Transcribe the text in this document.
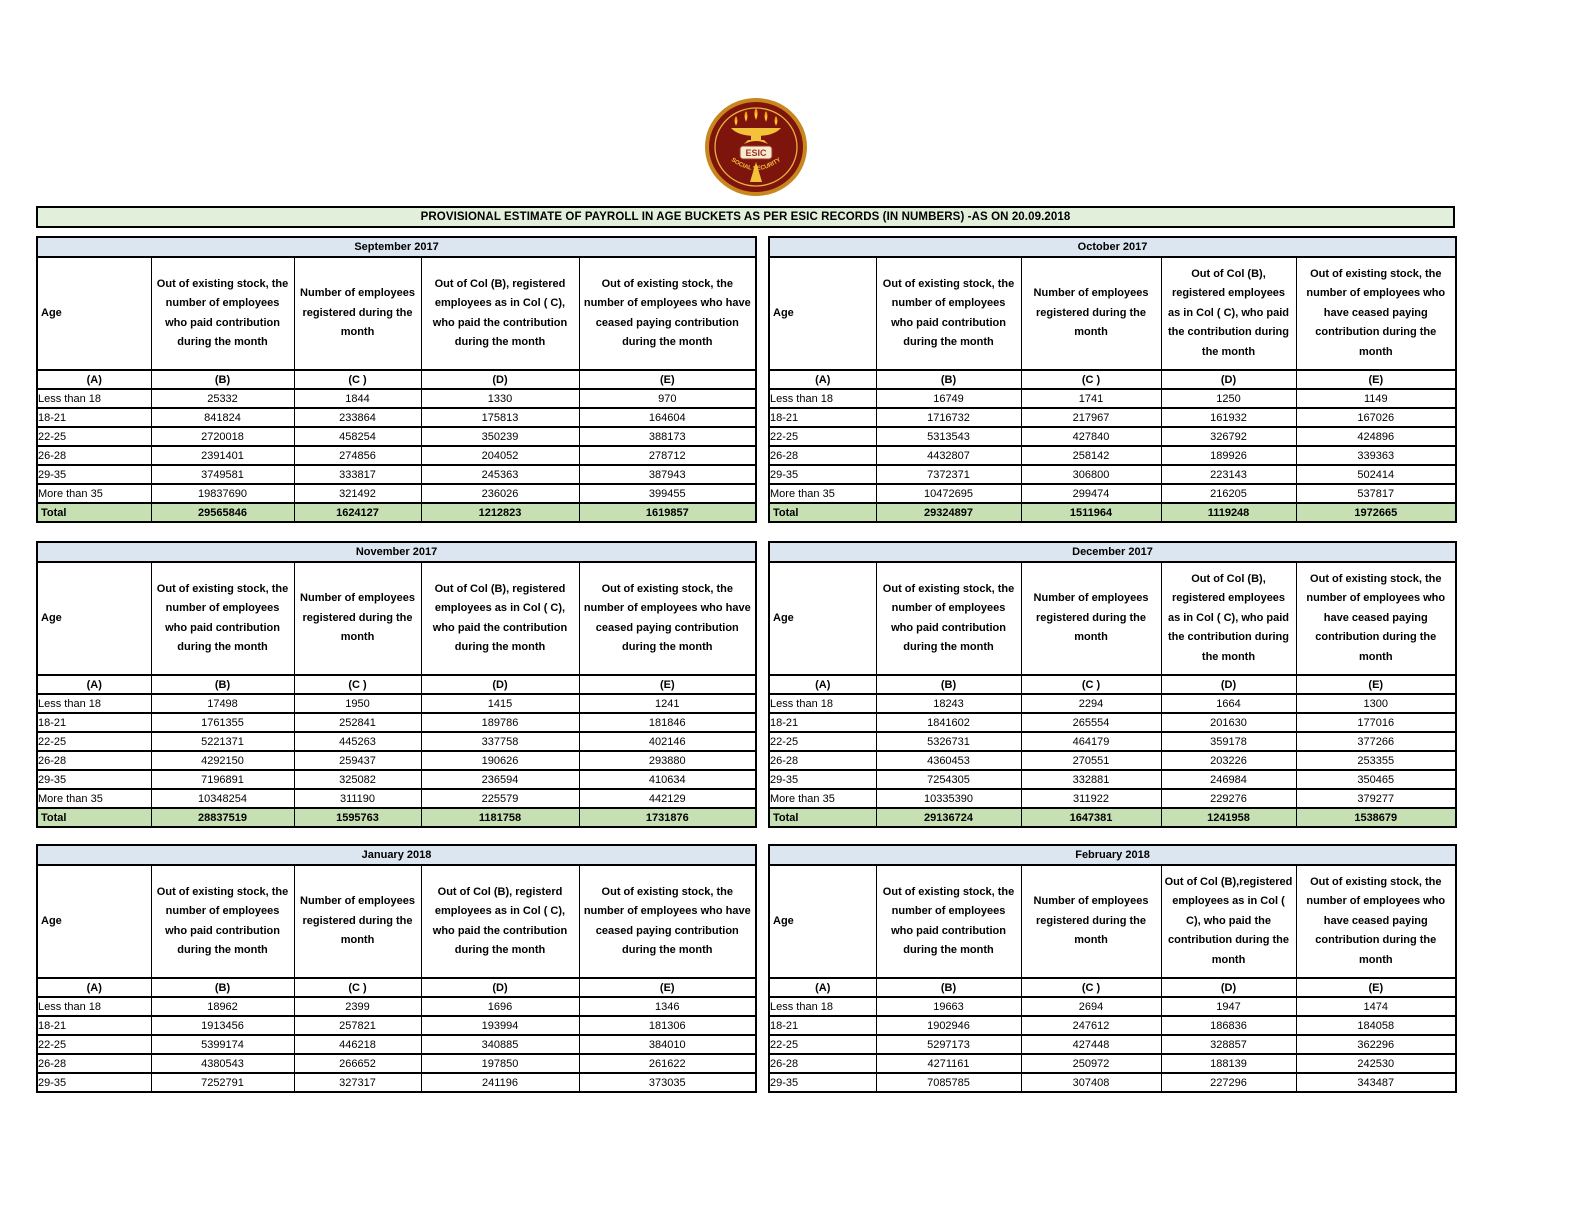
ESIC
SOCIAL SECURITY
PROVISIONAL ESTIMATE OF PAYROLL IN AGE BUCKETS AS PER ESIC RECORDS (IN NUMBERS) -AS ON 20.09.2018
September 2017				

Age	Out of existing stock, the number of employees who paid contribution during the month	Number of employees registered during the month	Out of Col (B), registered employees as in Col ( C), who paid the contribution during the month	Out of existing stock, the number of employees who have ceased paying contribution during the month

(A)	(B)	(C )	(D)	(E)
Less than 18	25332	1844	1330	970
18-21	841824	233864	175813	164604
22-25	2720018	458254	350239	388173
26-28	2391401	274856	204052	278712
29-35	3749581	333817	245363	387943
More than 35	19837690	321492	236026	399455
Total	29565846	1624127	1212823	1619857
October 2017				

Age	Out of existing stock, the number of employees who paid contribution during the month	Number of employees registered during the month	Out of Col (B), registered employees as in Col ( C), who paid the contribution during the month	Out of existing stock, the number of employees who have ceased paying contribution during the month

(A)	(B)	(C )	(D)	(E)
Less than 18	16749	1741	1250	1149
18-21	1716732	217967	161932	167026
22-25	5313543	427840	326792	424896
26-28	4432807	258142	189926	339363
29-35	7372371	306800	223143	502414
More than 35	10472695	299474	216205	537817
Total	29324897	1511964	1119248	1972665
November 2017				

Age	Out of existing stock, the number of employees who paid contribution during the month	Number of employees registered during the month	Out of Col (B), registered employees as in Col ( C), who paid the contribution during the month	Out of existing stock, the number of employees who have ceased paying contribution during the month

(A)	(B)	(C )	(D)	(E)
Less than 18	17498	1950	1415	1241
18-21	1761355	252841	189786	181846
22-25	5221371	445263	337758	402146
26-28	4292150	259437	190626	293880
29-35	7196891	325082	236594	410634
More than 35	10348254	311190	225579	442129
Total	28837519	1595763	1181758	1731876
December 2017				

Age	Out of existing stock, the number of employees who paid contribution during the month	Number of employees registered during the month	Out of Col (B), registered employees as in Col ( C), who paid the contribution during the month	Out of existing stock, the number of employees who have ceased paying contribution during the month

(A)	(B)	(C )	(D)	(E)
Less than 18	18243	2294	1664	1300
18-21	1841602	265554	201630	177016
22-25	5326731	464179	359178	377266
26-28	4360453	270551	203226	253355
29-35	7254305	332881	246984	350465
More than 35	10335390	311922	229276	379277
Total	29136724	1647381	1241958	1538679
January 2018				

Age	Out of existing stock, the number of employees who paid contribution during the month	Number of employees registered during the month	Out of Col (B), registerd employees as in Col ( C), who paid the contribution during the month	Out of existing stock, the number of employees who have ceased paying contribution during the month

(A)	(B)	(C )	(D)	(E)
Less than 18	18962	2399	1696	1346
18-21	1913456	257821	193994	181306
22-25	5399174	446218	340885	384010
26-28	4380543	266652	197850	261622
29-35	7252791	327317	241196	373035
February 2018				

Age	Out of existing stock, the number of employees who paid contribution during the month	Number of employees registered during the month	Out of Col (B),registered employees as in Col ( C), who paid the contribution during the month	Out of existing stock, the number of employees who have ceased paying contribution during the month

(A)	(B)	(C )	(D)	(E)
Less than 18	19663	2694	1947	1474
18-21	1902946	247612	186836	184058
22-25	5297173	427448	328857	362296
26-28	4271161	250972	188139	242530
29-35	7085785	307408	227296	343487
